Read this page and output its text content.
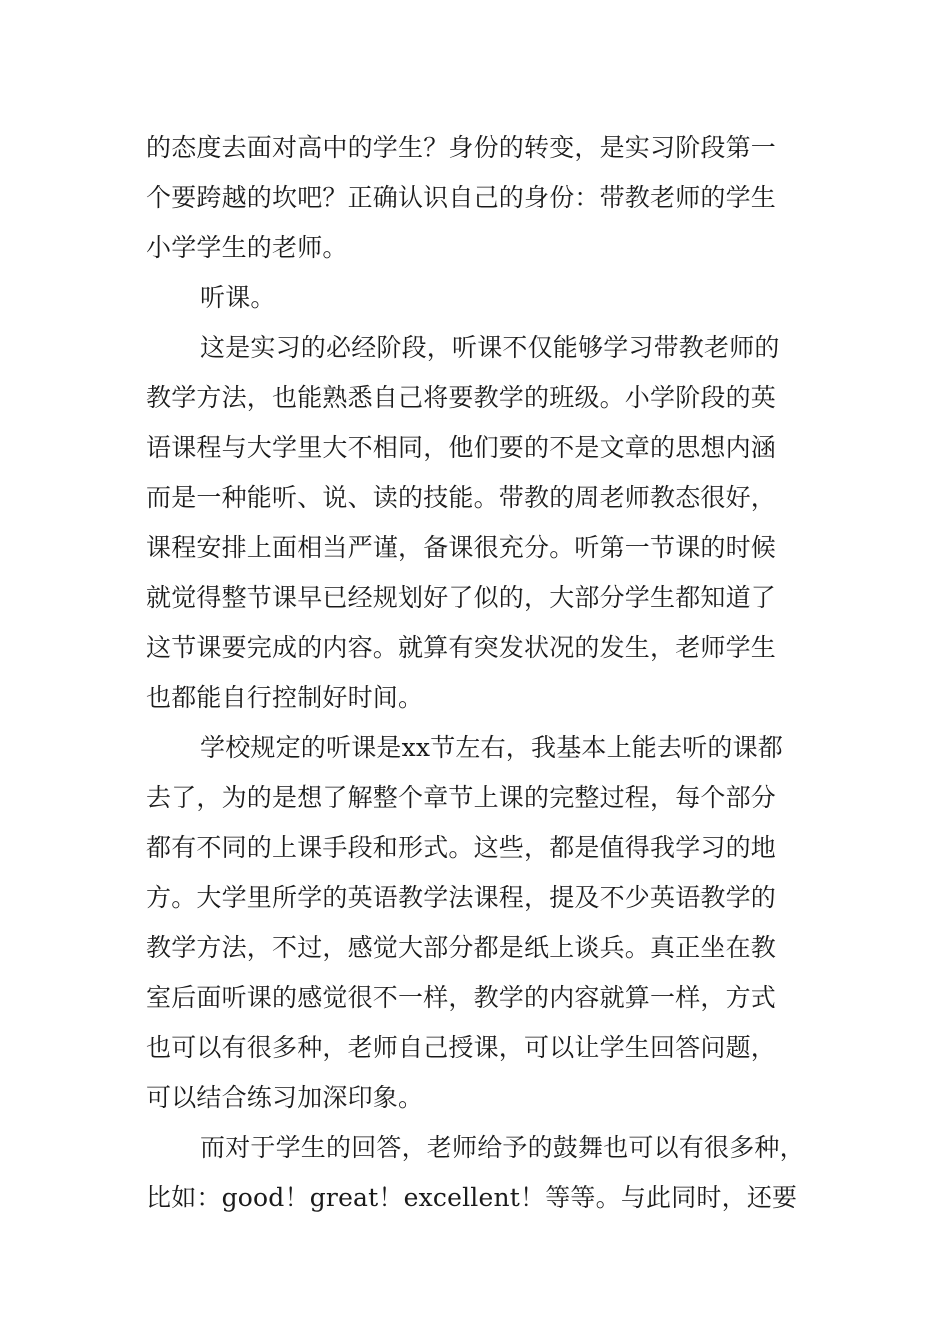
的态度去面对高中的学生？身份的转变，是实习阶段第一
个要跨越的坎吧？正确认识自己的身份：带教老师的学生
小学学生的老师。
听课。
这是实习的必经阶段，听课不仅能够学习带教老师的
教学方法，也能熟悉自己将要教学的班级。小学阶段的英
语课程与大学里大不相同，他们要的不是文章的思想内涵
而是一种能听、说、读的技能。带教的周老师教态很好，
课程安排上面相当严谨，备课很充分。听第一节课的时候
就觉得整节课早已经规划好了似的，大部分学生都知道了
这节课要完成的内容。就算有突发状况的发生，老师学生
也都能自行控制好时间。
学校规定的听课是xx节左右，我基本上能去听的课都
去了，为的是想了解整个章节上课的完整过程，每个部分
都有不同的上课手段和形式。这些，都是值得我学习的地
方。大学里所学的英语教学法课程，提及不少英语教学的
教学方法，不过，感觉大部分都是纸上谈兵。真正坐在教
室后面听课的感觉很不一样，教学的内容就算一样，方式
也可以有很多种，老师自己授课，可以让学生回答问题，
可以结合练习加深印象。
而对于学生的回答，老师给予的鼓舞也可以有很多种，
比如：good！great！excellent！等等。与此同时，还要
